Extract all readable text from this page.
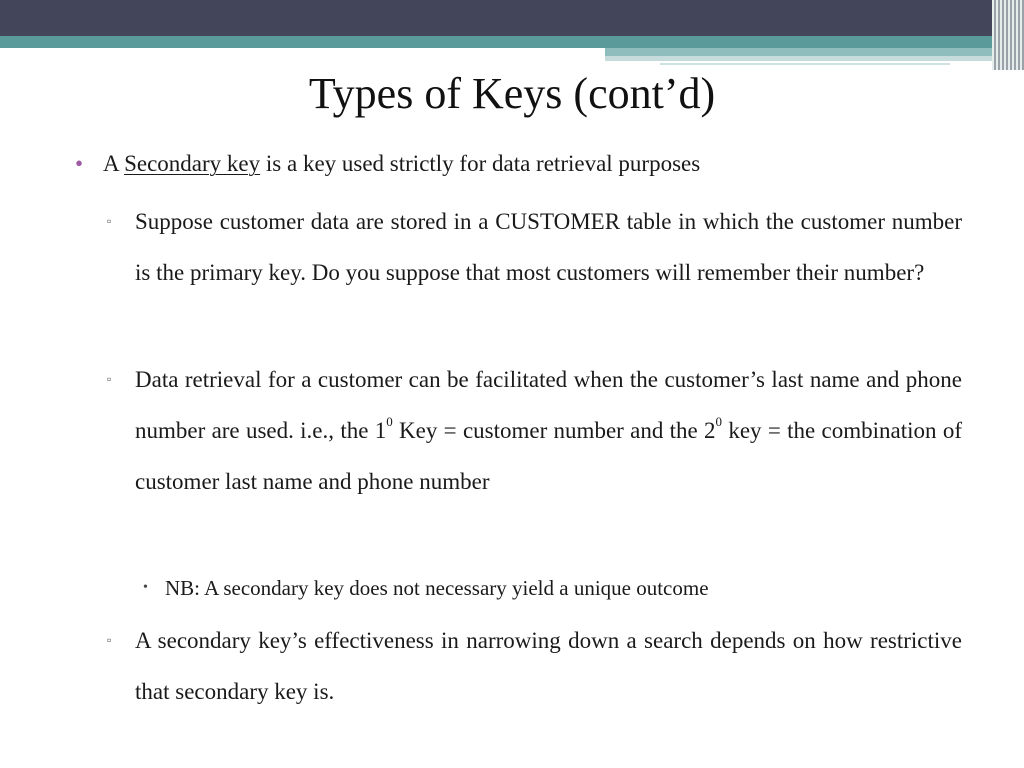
Types of Keys (cont’d)
• A Secondary key is a key used strictly for data retrieval purposes
▫ Suppose customer data are stored in a CUSTOMER table in which the customer number is the primary key. Do you suppose that most customers will remember their number?
▫ Data retrieval for a customer can be facilitated when the customer’s last name and phone number are used. i.e., the $1^0$ Key = customer number and the $2^0$ key = the combination of customer last name and phone number
• NB: A secondary key does not necessary yield a unique outcome
▫ A secondary key’s effectiveness in narrowing down a search depends on how restrictive that secondary key is.
